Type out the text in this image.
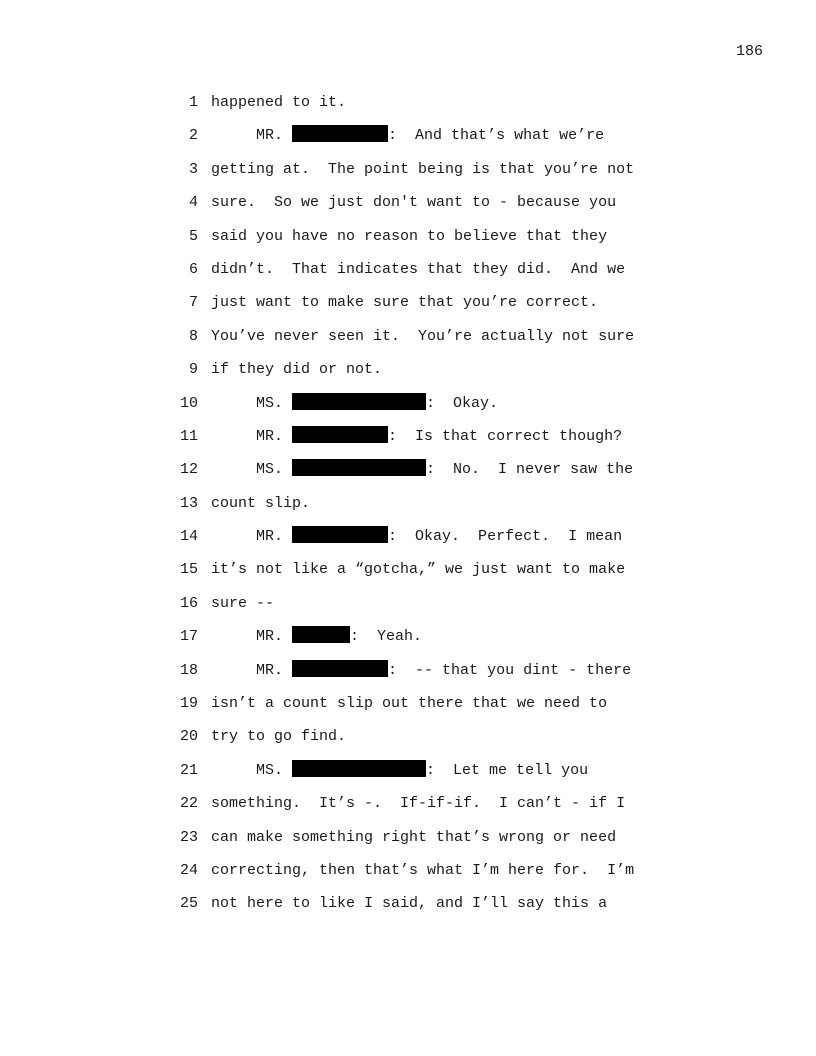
186
1 happened to it.
2	MR.	:  And that’s what we’re
3 getting at.  The point being is that you’re not
4 sure.  So we just don't want to - because you
5 said you have no reason to believe that they
6 didn’t.  That indicates that they did.  And we
7 just want to make sure that you’re correct.
8 You’ve never seen it.  You’re actually not sure
9 if they did or not.
10	MS.	:  Okay.
11	MR.	:  Is that correct though?
12	MS.	:  No.  I never saw the
13 count slip.
14	MR.	:  Okay.  Perfect.  I mean
15 it’s not like a “gotcha,” we just want to make
16 sure --
17	MR.	:  Yeah.
18	MR.	:  -- that you dint - there
19 isn’t a count slip out there that we need to
20 try to go find.
21	MS.	:  Let me tell you
22 something.  It’s -.  If-if-if.  I can’t - if I
23 can make something right that’s wrong or need
24 correcting, then that’s what I’m here for.  I’m
25 not here to like I said, and I’ll say this a
